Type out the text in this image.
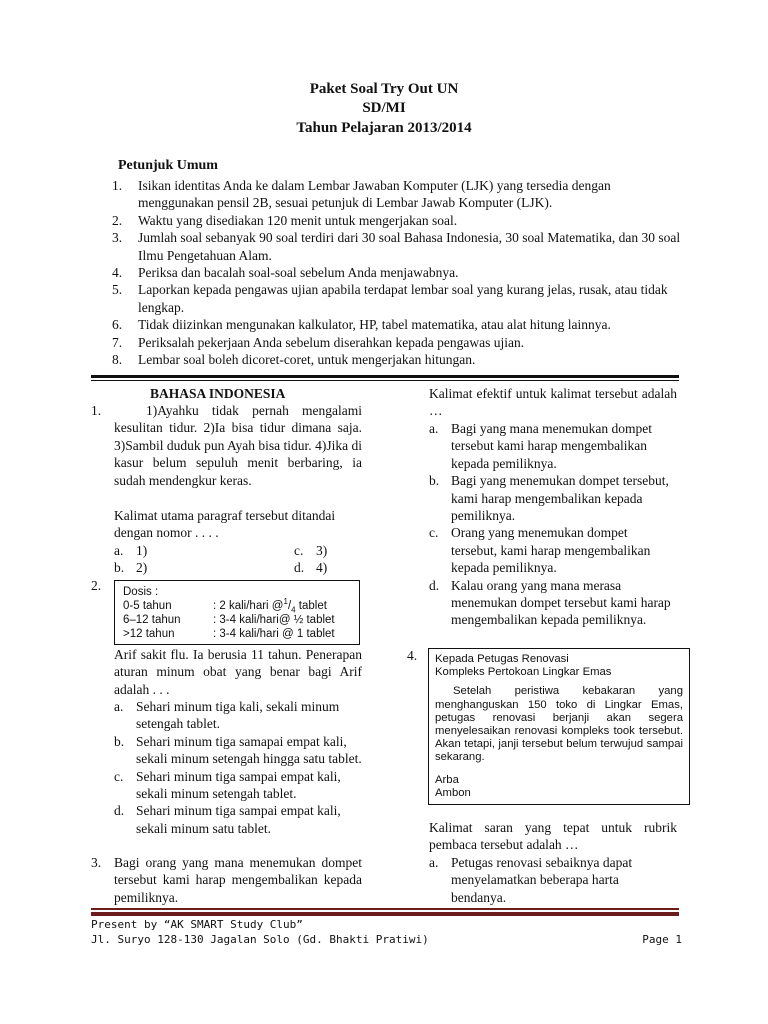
Paket Soal Try Out UN
SD/MI
Tahun Pelajaran 2013/2014
Petunjuk Umum
1. Isikan identitas Anda ke dalam Lembar Jawaban Komputer (LJK) yang tersedia dengan menggunakan pensil 2B, sesuai petunjuk di Lembar Jawab Komputer (LJK).
2. Waktu yang disediakan 120 menit untuk mengerjakan soal.
3. Jumlah soal sebanyak 90 soal terdiri dari 30 soal Bahasa Indonesia, 30 soal Matematika, dan 30 soal Ilmu Pengetahuan Alam.
4. Periksa dan bacalah soal-soal sebelum Anda menjawabnya.
5. Laporkan kepada pengawas ujian apabila terdapat lembar soal yang kurang jelas, rusak, atau tidak lengkap.
6. Tidak diizinkan mengunakan kalkulator, HP, tabel matematika, atau alat hitung lainnya.
7. Periksalah pekerjaan Anda sebelum diserahkan kepada pengawas ujian.
8. Lembar soal boleh dicoret-coret, untuk mengerjakan hitungan.
BAHASA INDONESIA
1.	1)Ayahku tidak pernah mengalami kesulitan tidur. 2)Ia bisa tidur dimana saja. 3)Sambil duduk pun Ayah bisa tidur. 4)Jika di kasur belum sepuluh menit berbaring, ia sudah mendengkur keras.
Kalimat utama paragraf tersebut ditandai dengan nomor . . . .
a. 1)	c. 3)
b. 2)	d. 4)
2. Dosis :
0-5 tahun	: 2 kali/hari $@^1/_4$ tablet
6–12 tahun	: 3-4 kali/hari@ ½ tablet
>12 tahun	: 3-4 kali/hari @ 1 tablet
Arif sakit flu. Ia berusia 11 tahun. Penerapan aturan minum obat yang benar bagi Arif adalah . . .
a. Sehari minum tiga kali, sekali minum setengah tablet.
b. Sehari minum tiga samapai empat kali, sekali minum setengah hingga satu tablet.
c. Sehari minum tiga sampai empat kali, sekali minum setengah tablet.
d. Sehari minum tiga sampai empat kali, sekali minum satu tablet.
3. Bagi orang yang mana menemukan dompet tersebut kami harap mengembalikan kepada pemiliknya.
Kalimat efektif untuk kalimat tersebut adalah …
a. Bagi yang mana menemukan dompet tersebut kami harap mengembalikan kepada pemiliknya.
b. Bagi yang menemukan dompet tersebut, kami harap mengembalikan kepada pemiliknya.
c. Orang yang menemukan dompet tersebut, kami harap mengembalikan kepada pemiliknya.
d. Kalau orang yang mana merasa menemukan dompet tersebut kami harap mengembalikan kepada pemiliknya.
4. Kepada Petugas Renovasi
Kompleks Pertokoan Lingkar Emas
Setelah peristiwa kebakaran yang menghanguskan 150 toko di Lingkar Emas, petugas renovasi berjanji akan segera menyelesaikan renovasi kompleks took tersebut. Akan tetapi, janji tersebut belum terwujud sampai sekarang.
Arba
Ambon
Kalimat saran yang tepat untuk rubrik pembaca tersebut adalah …
a. Petugas renovasi sebaiknya dapat menyelamatkan beberapa harta bendanya.
Present by “AK SMART Study Club”
Jl. Suryo 128-130 Jagalan Solo (Gd. Bhakti Pratiwi)	Page 1
